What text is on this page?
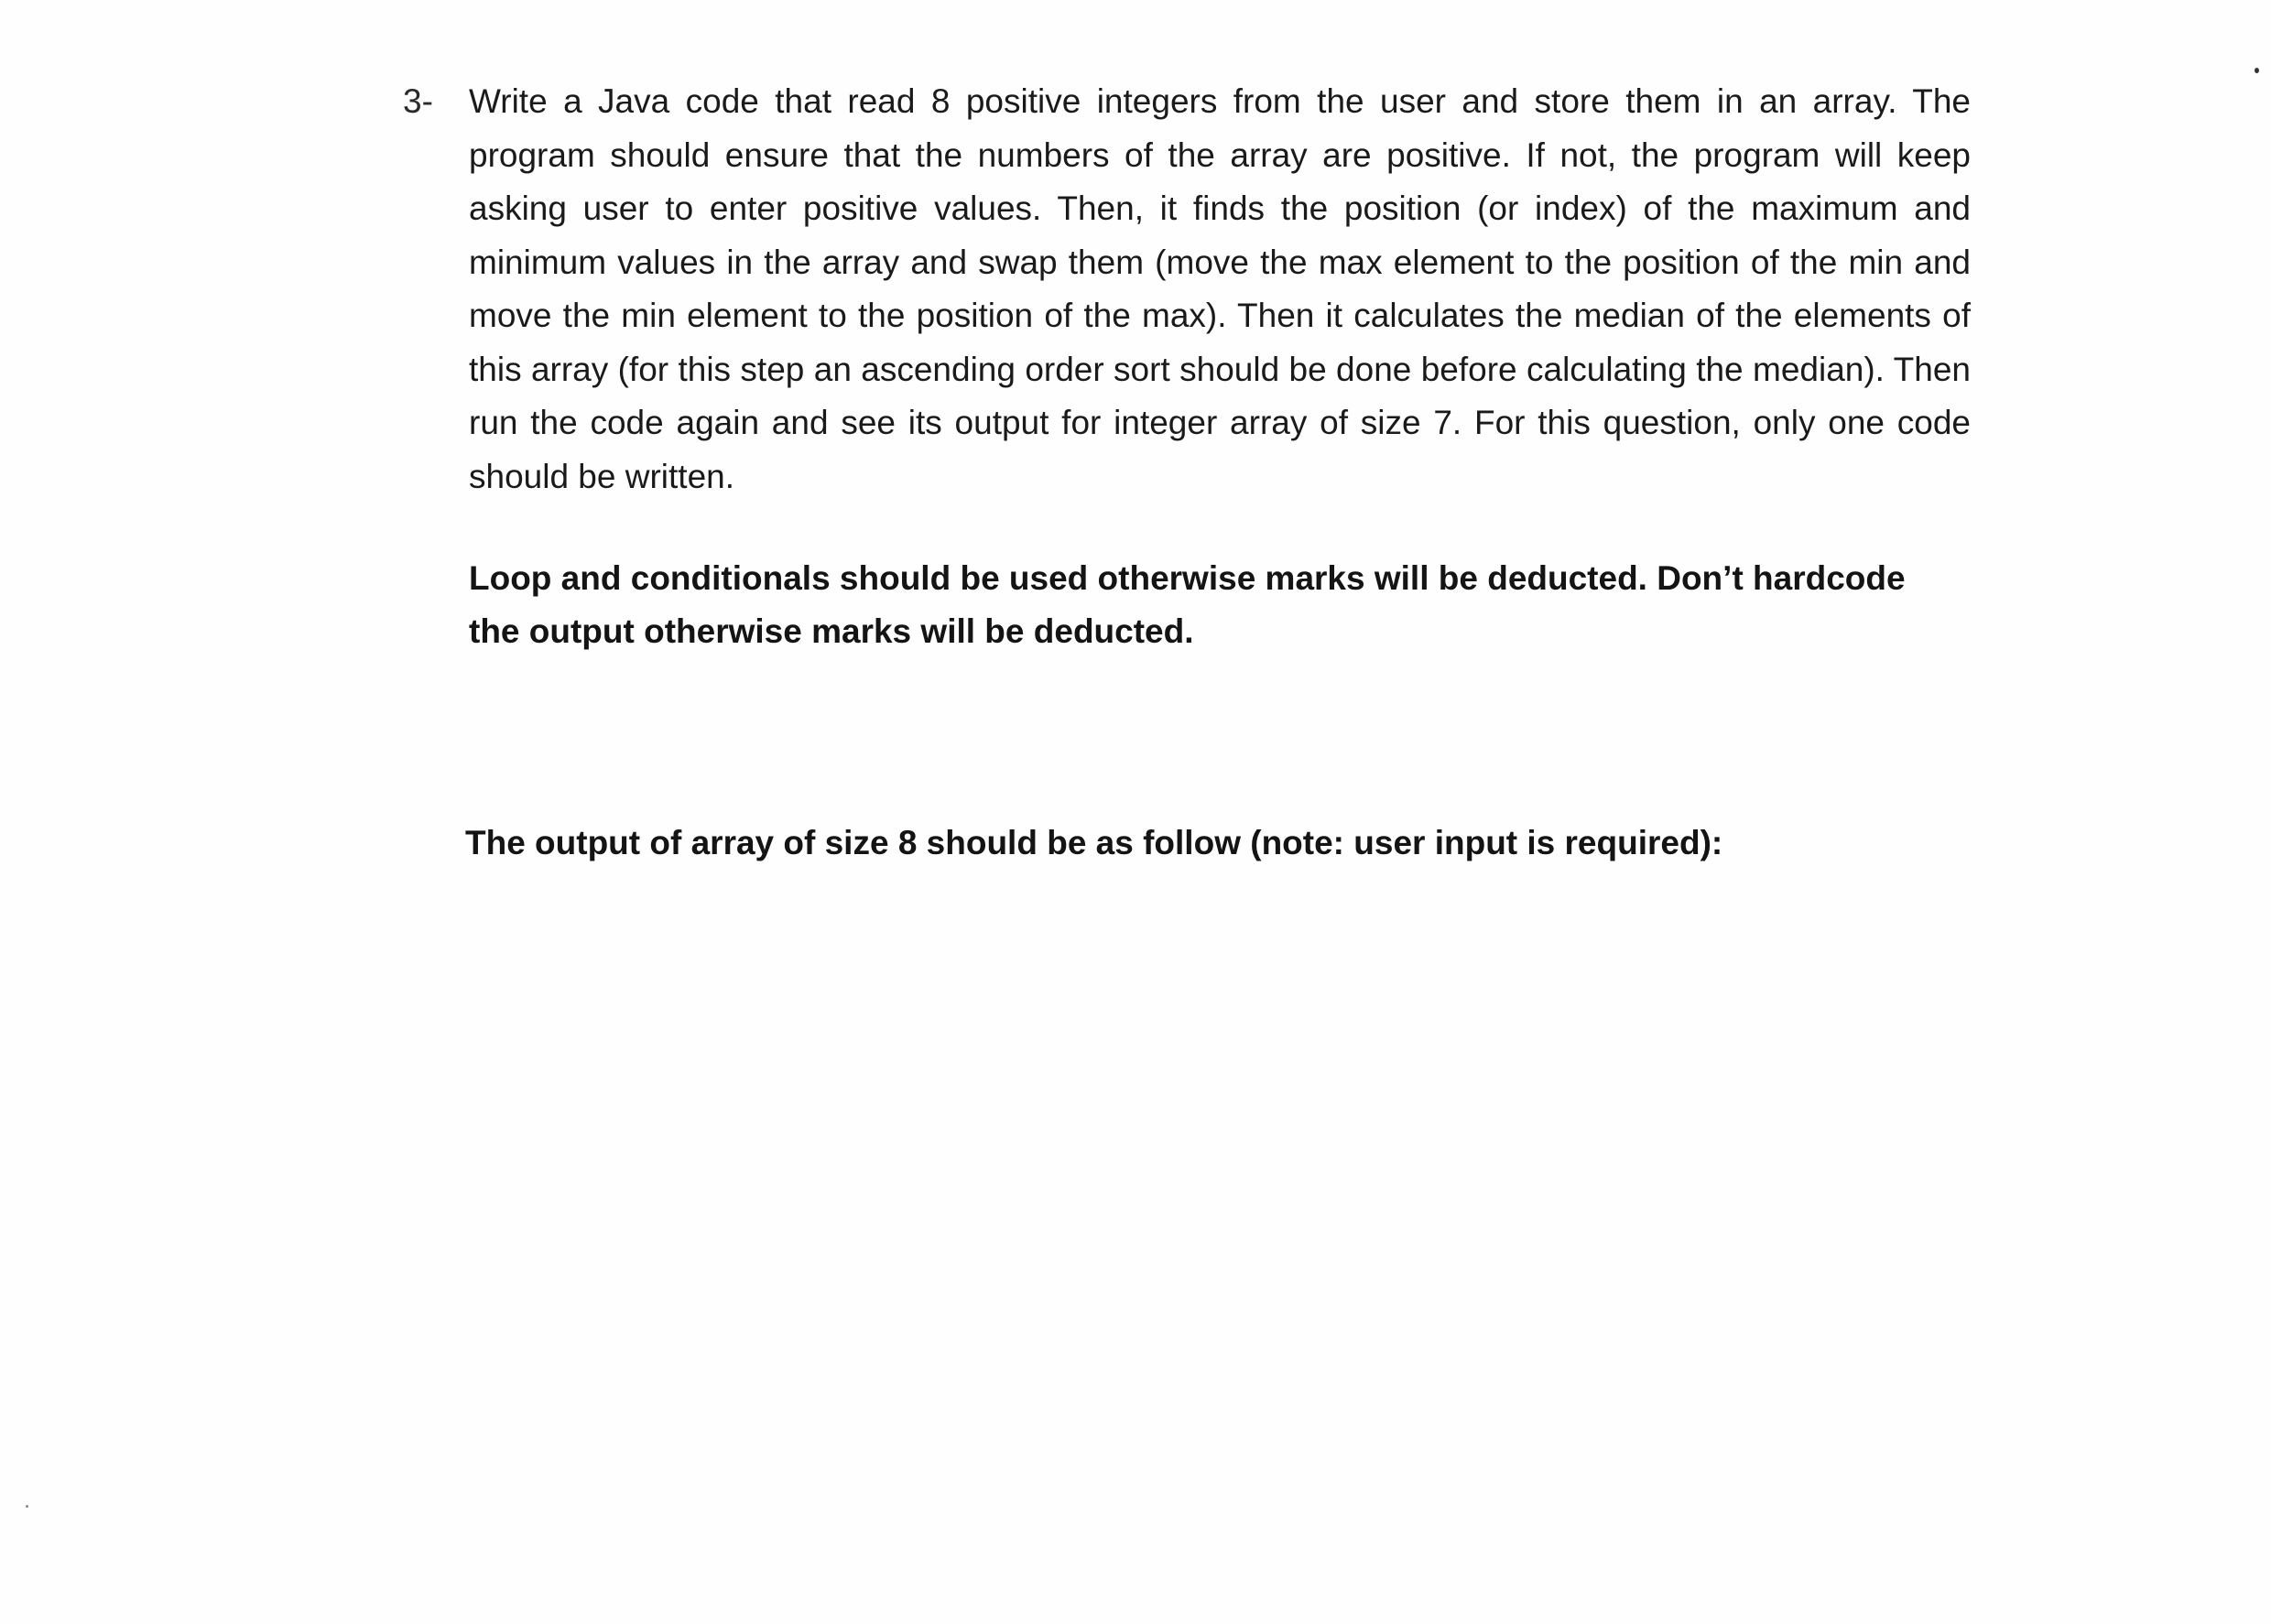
3- Write a Java code that read 8 positive integers from the user and store them in an array. The program should ensure that the numbers of the array are positive. If not, the program will keep asking user to enter positive values. Then, it finds the position (or index) of the maximum and minimum values in the array and swap them (move the max element to the position of the min and move the min element to the position of the max). Then it calculates the median of the elements of this array (for this step an ascending order sort should be done before calculating the median). Then run the code again and see its output for integer array of size 7. For this question, only one code should be written.

Loop and conditionals should be used otherwise marks will be deducted. Don’t hardcode the output otherwise marks will be deducted.

The output of array of size 8 should be as follow (note: user input is required):
